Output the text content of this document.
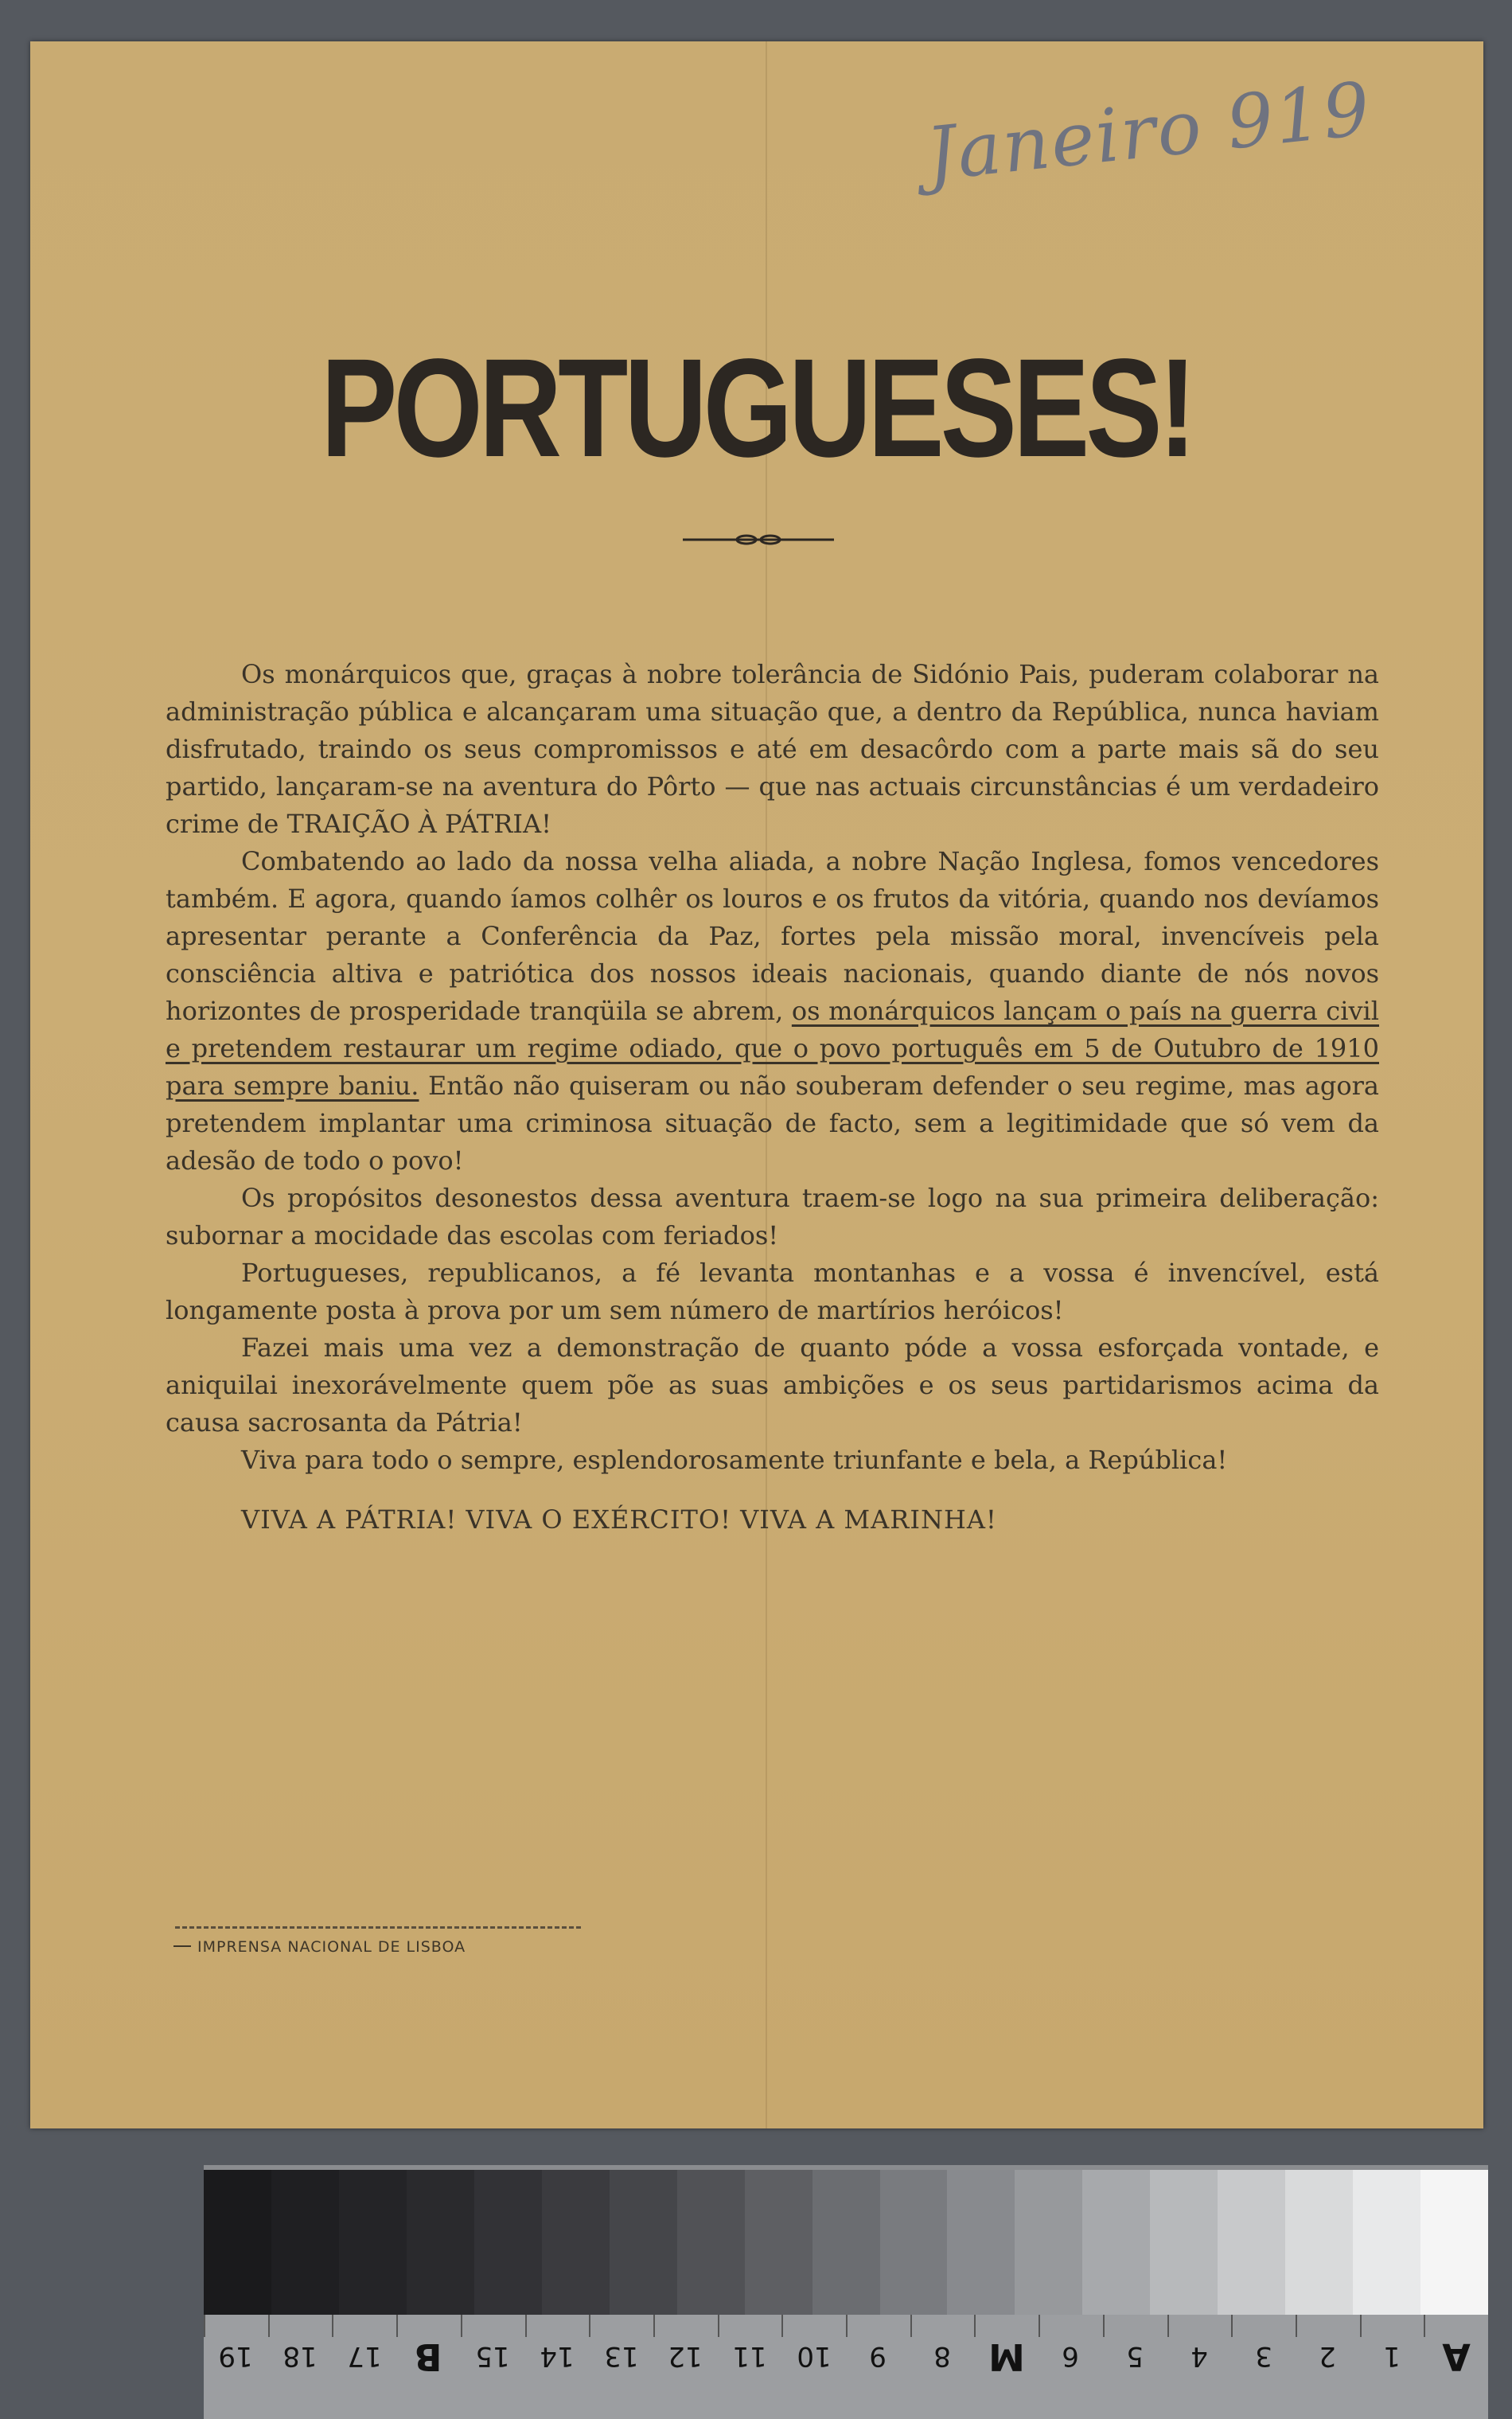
Janeiro 919
PORTUGUESES!

Os monárquicos que, graças à nobre tolerância de Sidónio Pais, puderam colaborar na administração pública e alcançaram uma situação que, a dentro da República, nunca haviam disfrutado, traindo os seus compromissos e até em desacôrdo com a parte mais sã do seu partido, lançaram-se na aventura do Pôrto — que nas actuais circunstâncias é um verdadeiro crime de TRAIÇÃO À PÁTRIA!

Combatendo ao lado da nossa velha aliada, a nobre Nação Inglesa, fomos vencedores também. E agora, quando íamos colhêr os louros e os frutos da vitória, quando nos devíamos apresentar perante a Conferência da Paz, fortes pela missão moral, invencíveis pela consciência altiva e patriótica dos nossos ideais nacionais, quando diante de nós novos horizontes de prosperidade tranqüila se abrem, os monárquicos lançam o país na guerra civil e pretendem restaurar um regime odiado, que o povo português em 5 de Outubro de 1910 para sempre baniu. Então não quiseram ou não souberam defender o seu regime, mas agora pretendem implantar uma criminosa situação de facto, sem a legitimidade que só vem da adesão de todo o povo!

Os propósitos desonestos dessa aventura traem-se logo na sua primeira deliberação: subornar a mocidade das escolas com feriados!

Portugueses, republicanos, a fé levanta montanhas e a vossa é invencível, está longamente posta à prova por um sem número de martírios heróicos!

Fazei mais uma vez a demonstração de quanto póde a vossa esforçada vontade, e aniquilai inexorávelmente quem põe as suas ambições e os seus partidarismos acima da causa sacrosanta da Pátria!

Viva para todo o sempre, esplendorosamente triunfante e bela, a República!

VIVA A PÁTRIA! VIVA O EXÉRCITO! VIVA A MARINHA!

IMPRENSA NACIONAL DE LISBOA
19	18	17 B	15	14	13	12	11	10	9	8	M	6	5	4	3	2	1	A
